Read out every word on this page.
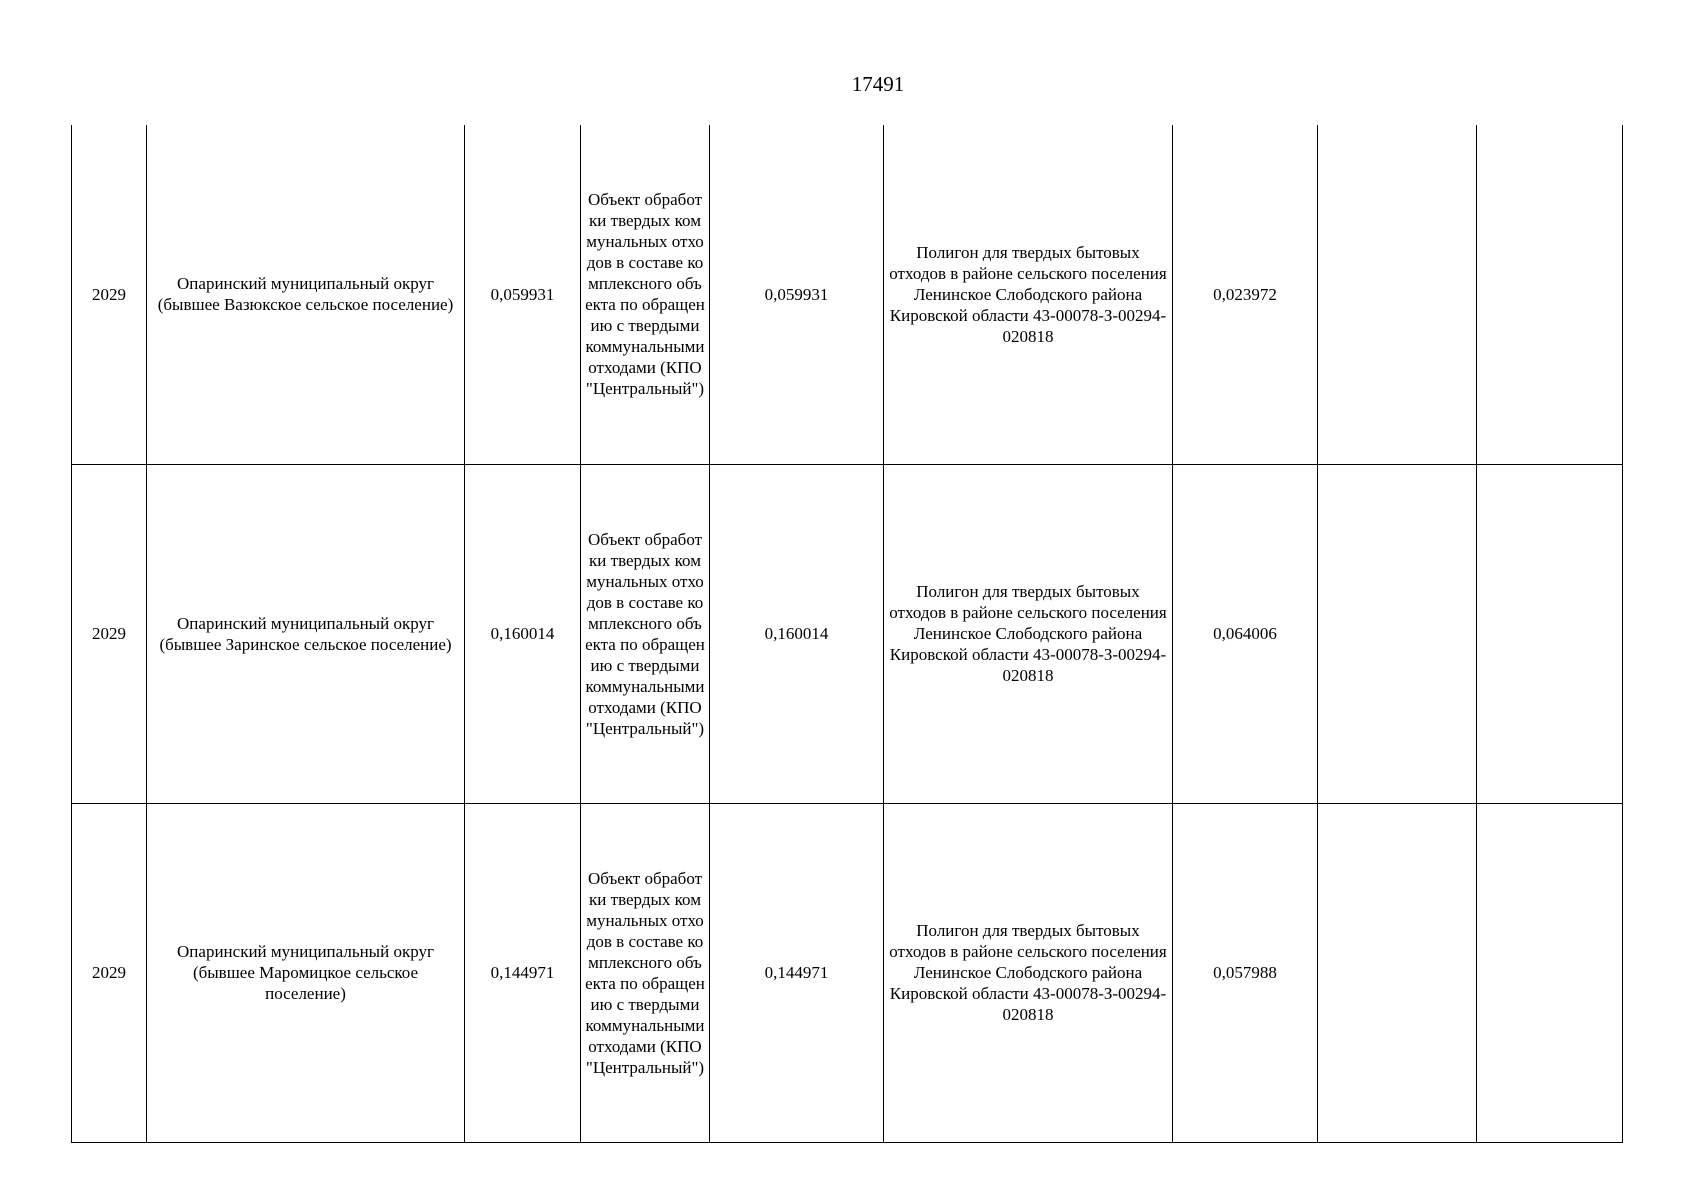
17491
2029	Опаринский муниципальный округ (бывшее Вазюкское сельское поселение)	0,059931	Объект обработки твердых коммунальных отходов в составе комплексного объекта по обращению с твердыми коммунальными отходами (КПО "Центральный")	0,059931	Полигон для твердых бытовых отходов в районе сельского поселения Ленинское Слободского района Кировской области 43-00078-З-00294-020818	0,023972		
2029	Опаринский муниципальный округ (бывшее Заринское сельское поселение)	0,160014	Объект обработки твердых коммунальных отходов в составе комплексного объекта по обращению с твердыми коммунальными отходами (КПО "Центральный")	0,160014	Полигон для твердых бытовых отходов в районе сельского поселения Ленинское Слободского района Кировской области 43-00078-З-00294-020818	0,064006		
2029	Опаринский муниципальный округ (бывшее Маромицкое сельское поселение)	0,144971	Объект обработки твердых коммунальных отходов в составе комплексного объекта по обращению с твердыми коммунальными отходами (КПО "Центральный")	0,144971	Полигон для твердых бытовых отходов в районе сельского поселения Ленинское Слободского района Кировской области 43-00078-З-00294-020818	0,057988		
